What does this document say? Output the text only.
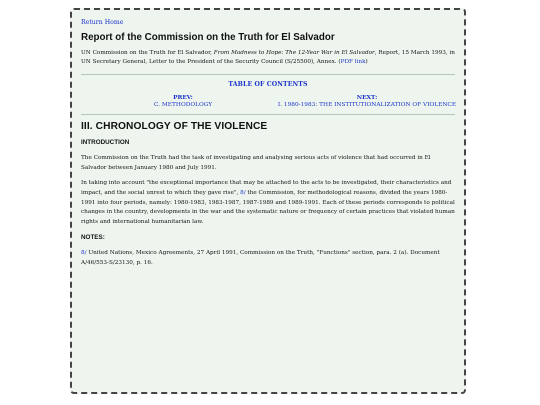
Return Home
Report of the Commission on the Truth for El Salvador

UN Commission on the Truth for El Salvador, From Madness to Hope: The 12-Year War in El Salvador, Report, 15 March 1993, in UN Secretary General, Letter to the President of the Security Council (S/25500), Annex. (PDF link)

TABLE OF CONTENTS
PREV:
C. METHODOLOGY
NEXT:
I. 1980-1983: THE INSTITUTIONALIZATION OF VIOLENCE
III. CHRONOLOGY OF THE VIOLENCE
INTRODUCTION

The Commission on the Truth had the task of investigating and analysing serious acts of violence that had occurred in El Salvador between January 1980 and July 1991.

In taking into account "the exceptional importance that may be attached to the acts to be investigated, their characteristics and impact, and the social unrest to which they gave rise", 8/ the Commission, for methodological reasons, divided the years 1980-1991 into four periods, namely: 1980-1983, 1983-1987, 1987-1989 and 1989-1991. Each of these periods corresponds to political changes in the country, developments in the war and the systematic nature or frequency of certain practices that violated human rights and international humanitarian law.

NOTES:

8/ United Nations, Mexico Agreements, 27 April 1991, Commission on the Truth, "Functions" section, para. 2 (a). Document A/46/553-S/23130, p. 16.
